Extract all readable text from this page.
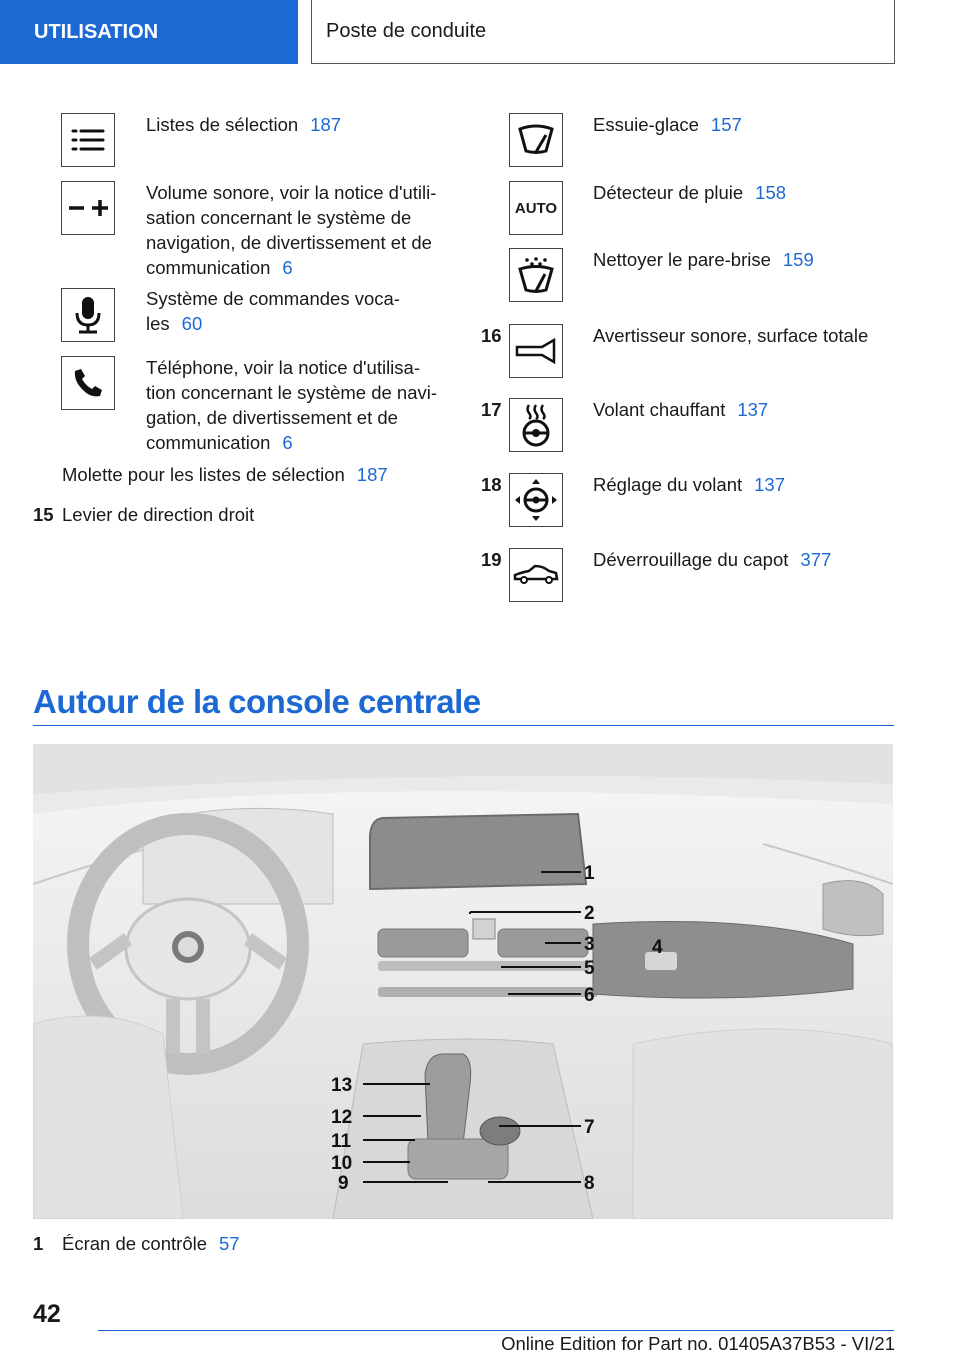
UTILISATION	Poste de conduite
Listes de sélection 187
Volume sonore, voir la notice d'utili-
sation concernant le système de
navigation, de divertissement et de
communication 6
Système de commandes voca-
les 60
Téléphone, voir la notice d'utilisa-
tion concernant le système de navi-
gation, de divertissement et de
communication 6
Molette pour les listes de sélection 187
15 Levier de direction droit
Essuie-glace 157
AUTO
Détecteur de pluie 158
Nettoyer le pare-brise 159
16	Avertisseur sonore, surface totale
17	Volant chauffant 137
18	Réglage du volant 137
19	Déverrouillage du capot 377
Autour de la console centrale
1
2
3	4
5
6
7
8
9
10
11
12
13
1 Écran de contrôle 57
42
Online Edition for Part no. 01405A37B53 - VI/21
